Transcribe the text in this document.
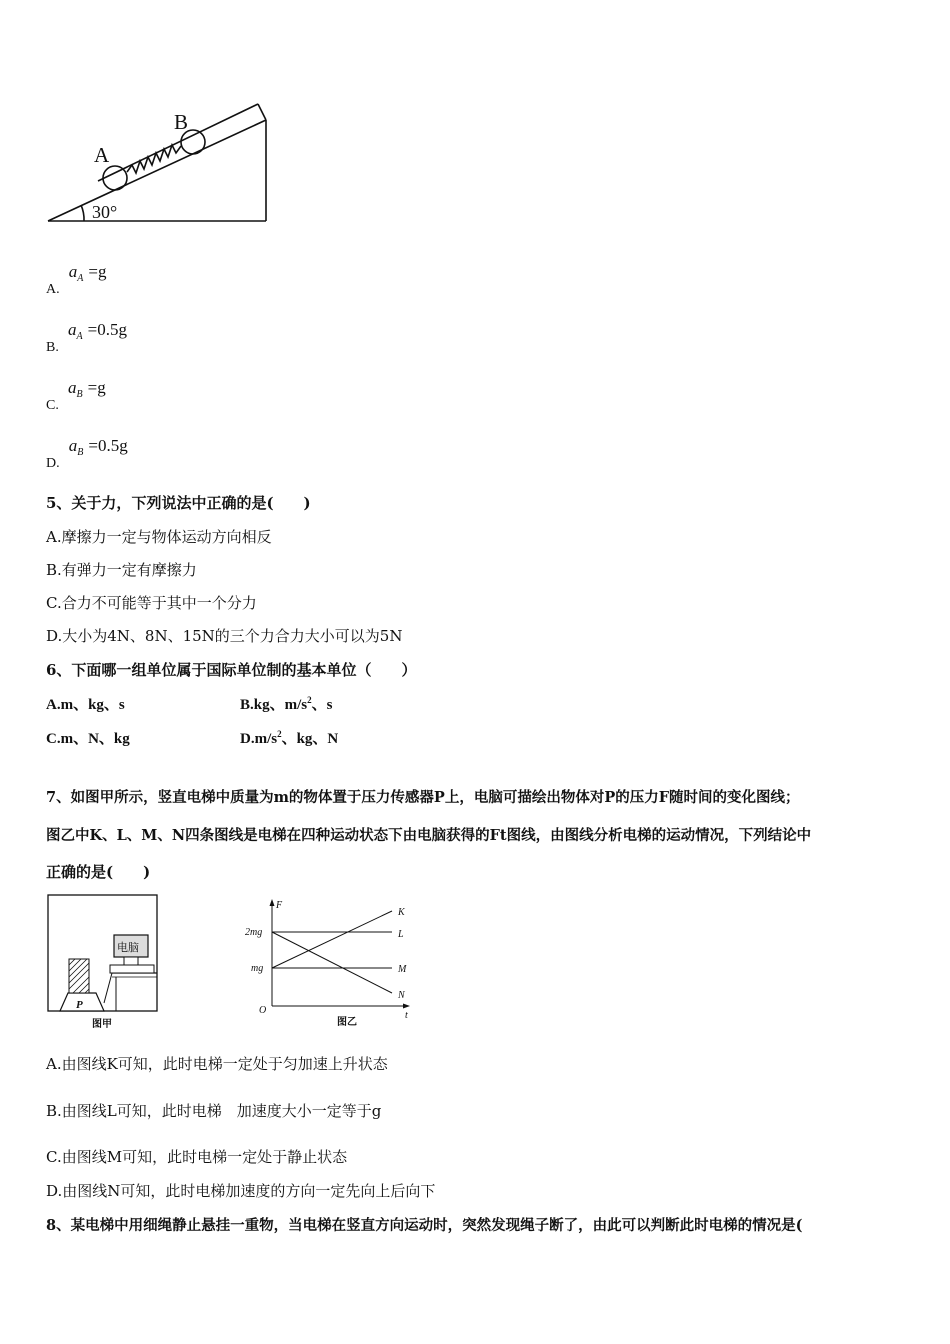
A
B
30°
A. $a_A =g$
B. $a_A =0.5g$
C. $a_B =g$
D. $a_B =0.5g$
5、关于力，下列说法中正确的是(　　)
A.摩擦力一定与物体运动方向相反
B.有弹力一定有摩擦力
C.合力不可能等于其中一个分力
D.大小为4N、8N、15N的三个力合力大小可以为5N
6、下面哪一组单位属于国际单位制的基本单位（　　）
A.m、kg、s	B.kg、$m/s^2$、s
C.m、N、kg	$D.m/s^2$、kg、N
7、如图甲所示，竖直电梯中质量为m的物体置于压力传感器P上，电脑可描绘出物体对P的压力F随时间的变化图线；
图乙中K、L、M、N四条图线是电梯在四种运动状态下由电脑获得的Ft图线，由图线分析电梯的运动情况，下列结论中
正确的是(　　)
P
电脑
图甲
F
t
O
2mg
mg
K
L
M
N
图乙
A.由图线K可知，此时电梯一定处于匀加速上升状态
B.由图线L可知，此时电梯　加速度大小一定等于g
C.由图线M可知，此时电梯一定处于静止状态
D.由图线N可知，此时电梯加速度的方向一定先向上后向下
8、某电梯中用细绳静止悬挂一重物，当电梯在竖直方向运动时，突然发现绳子断了，由此可以判断此时电梯的情况是(
